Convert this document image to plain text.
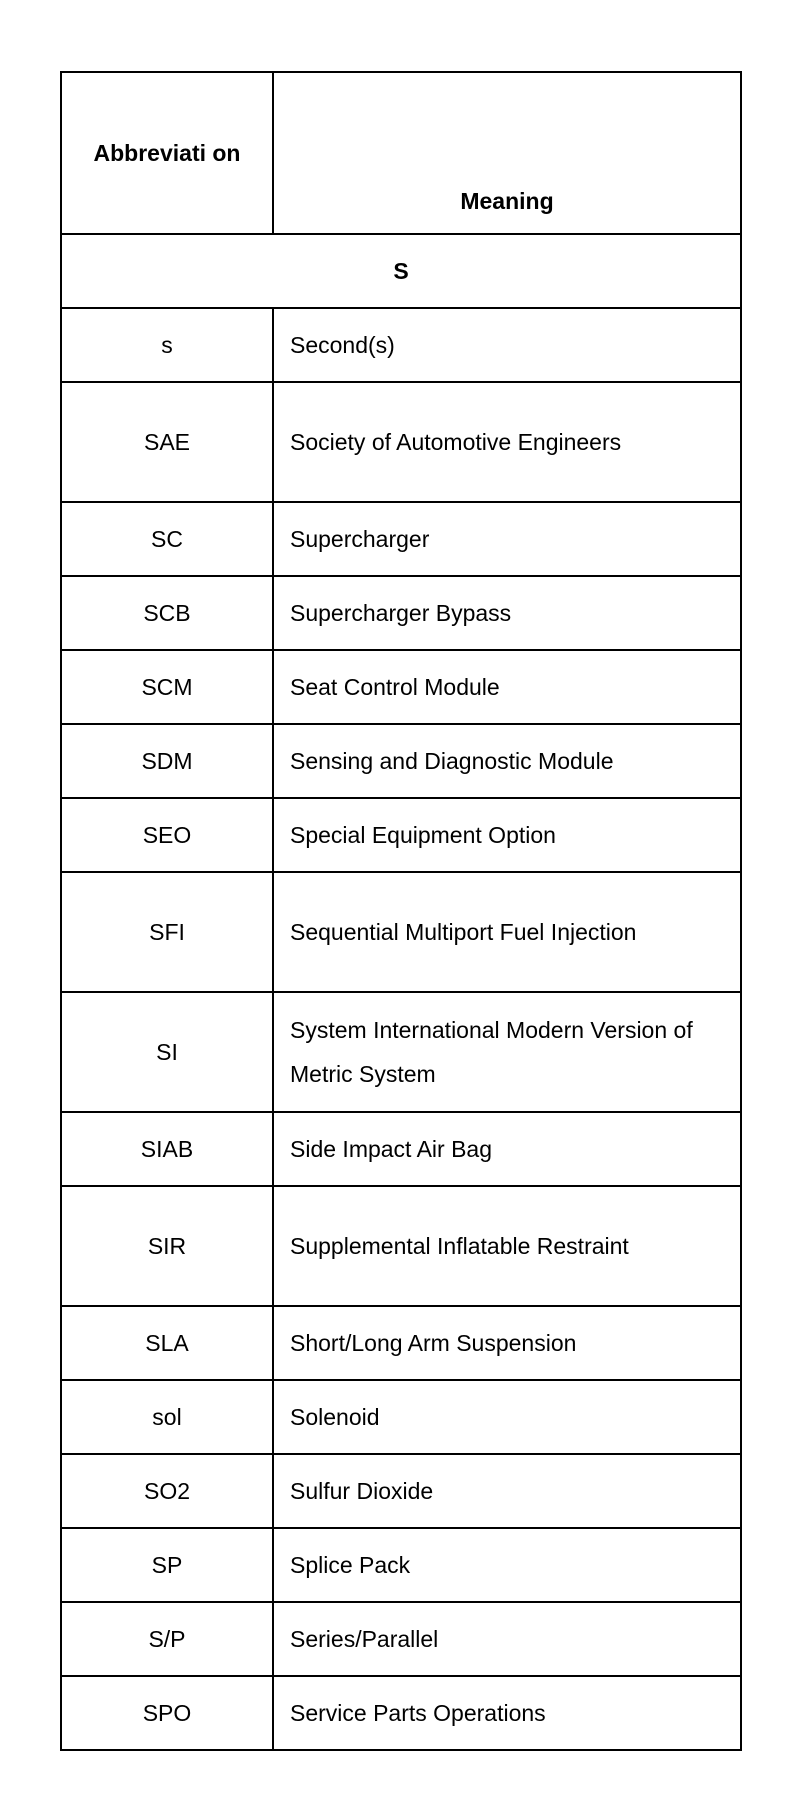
Abbreviati on	Meaning
S	
s	Second(s)
SAE	Society of Automotive Engineers
SC	Supercharger
SCB	Supercharger Bypass
SCM	Seat Control Module
SDM	Sensing and Diagnostic Module
SEO	Special Equipment Option
SFI	Sequential Multiport Fuel Injection
SI	System International Modern Version of Metric System
SIAB	Side Impact Air Bag
SIR	Supplemental Inflatable Restraint
SLA	Short/Long Arm Suspension
sol	Solenoid
SO2	Sulfur Dioxide
SP	Splice Pack
S/P	Series/Parallel
SPO	Service Parts Operations
